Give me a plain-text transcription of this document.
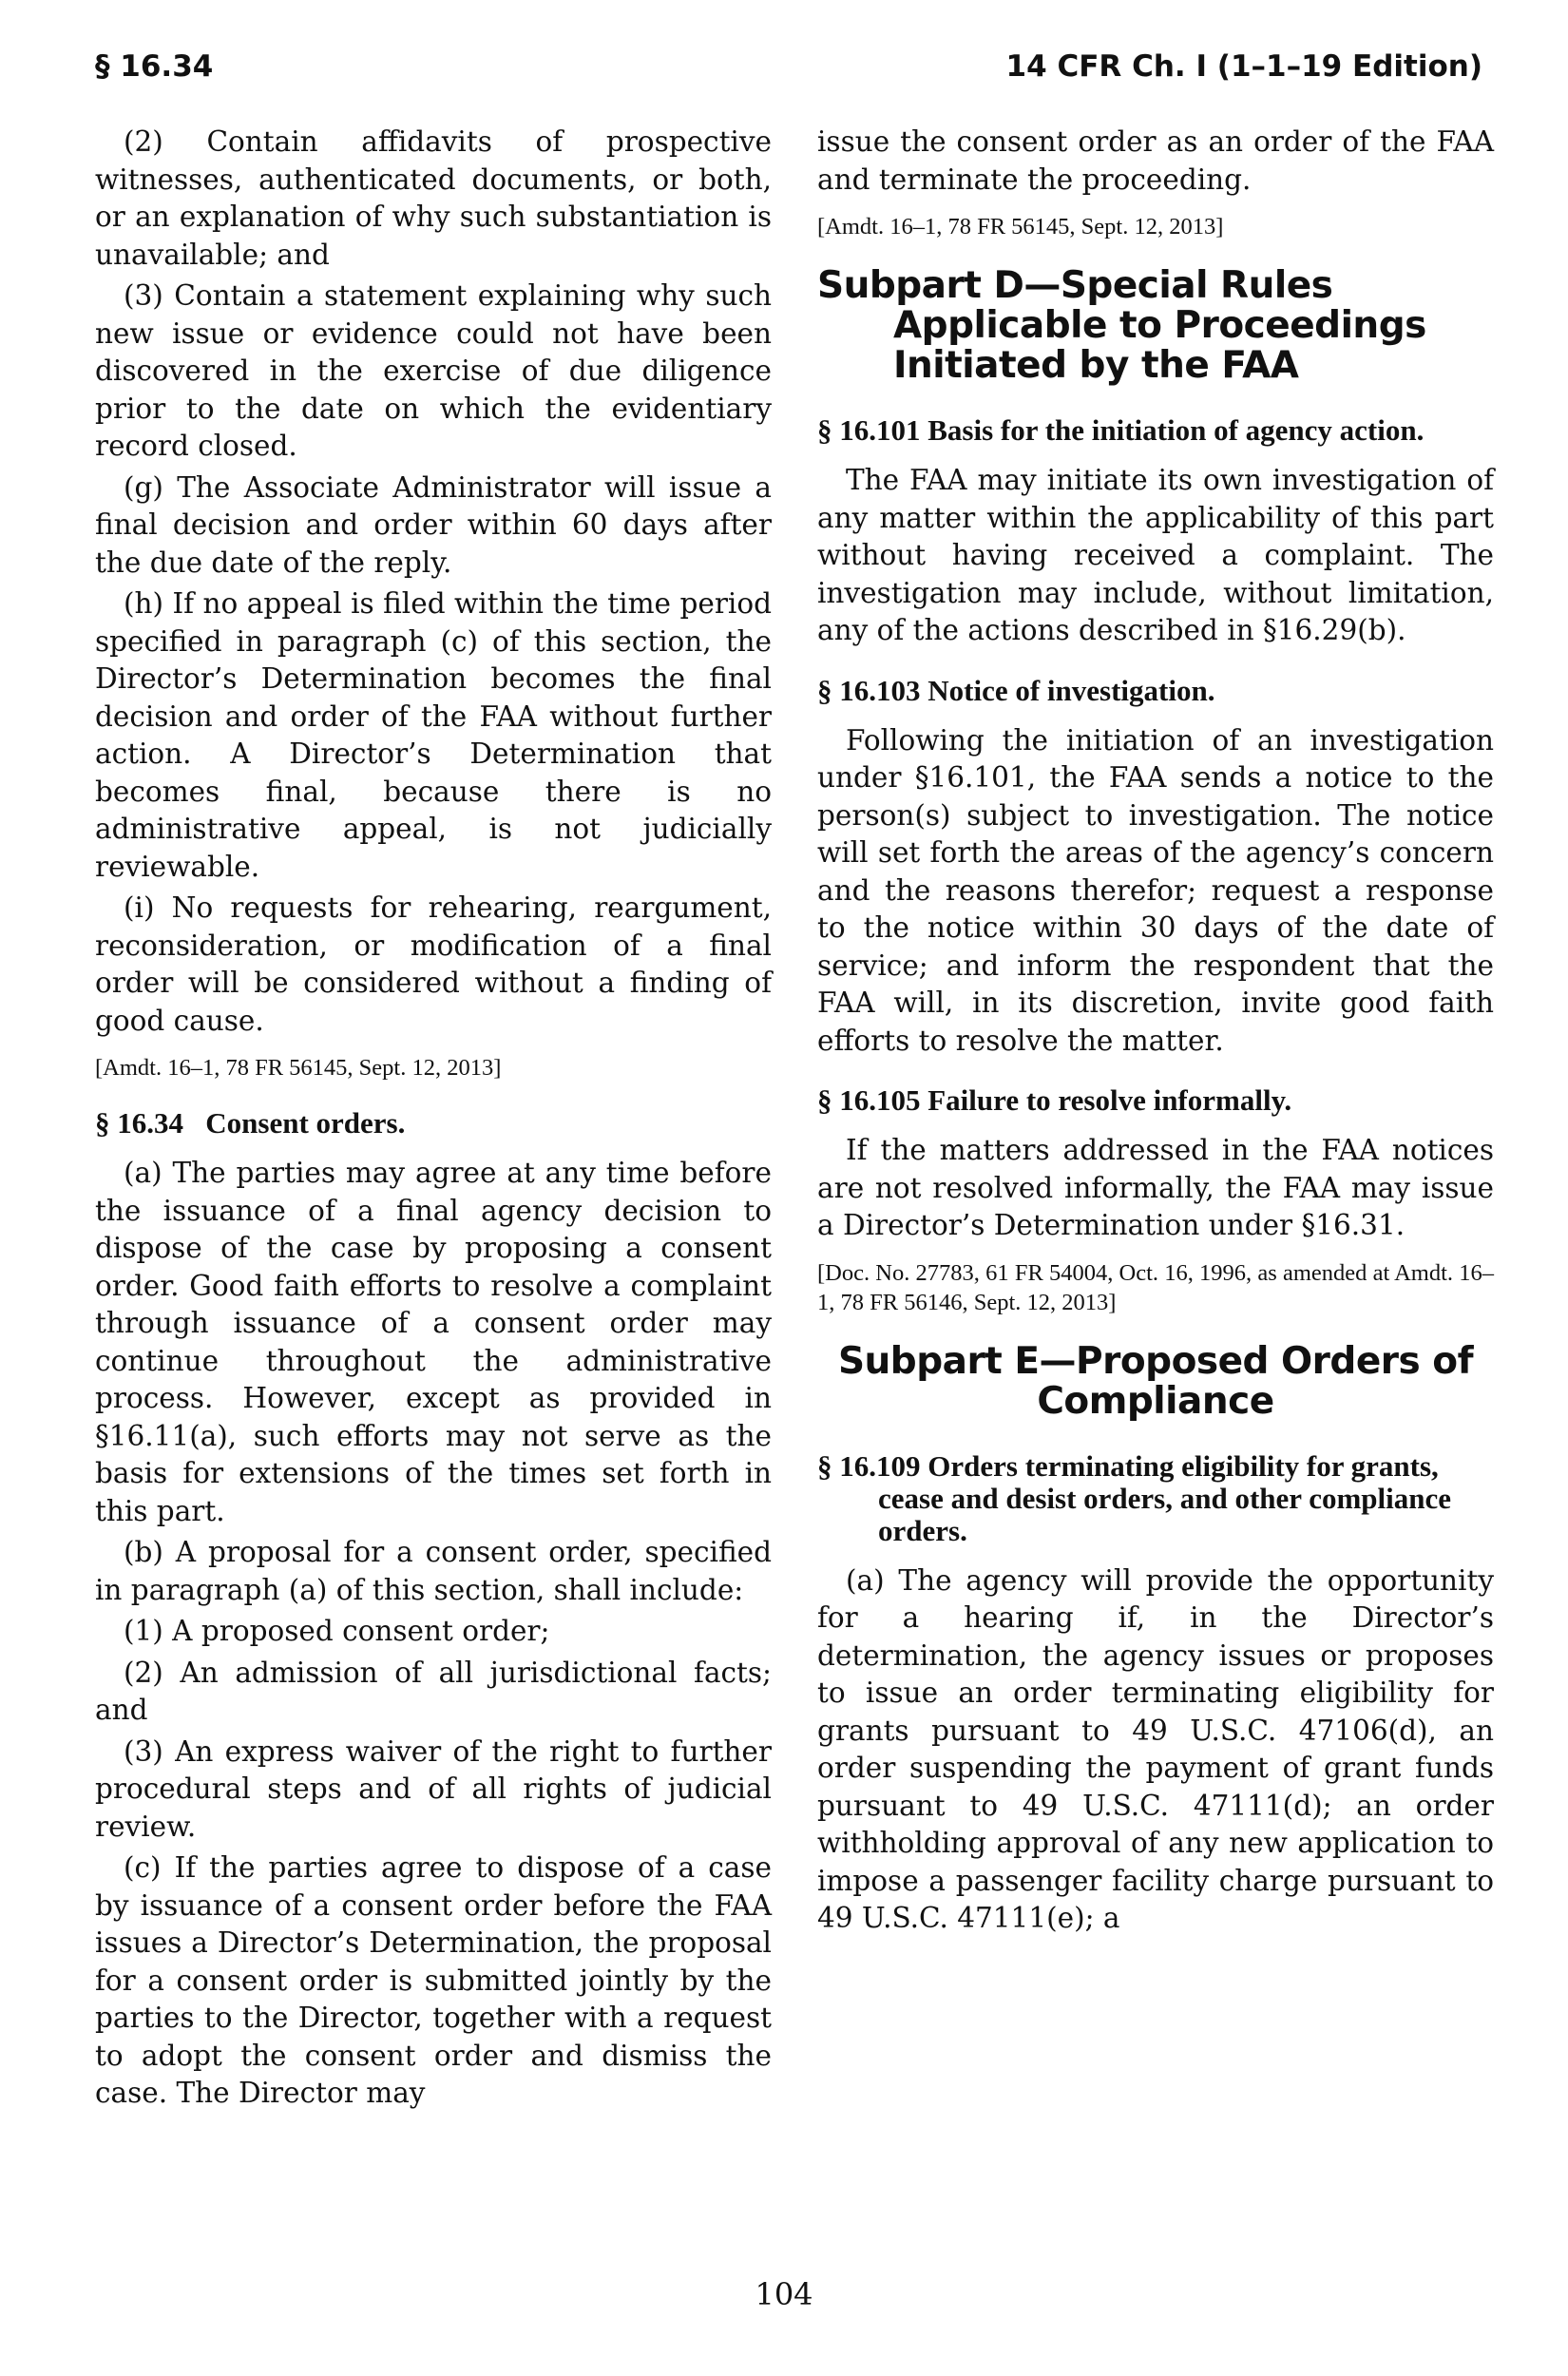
§ 16.34	14 CFR Ch. I (1–1–19 Edition)

(2) Contain affidavits of prospective witnesses, authenticated documents, or both, or an explanation of why such substantiation is unavailable; and

(3) Contain a statement explaining why such new issue or evidence could not have been discovered in the exercise of due diligence prior to the date on which the evidentiary record closed.

(g) The Associate Administrator will issue a final decision and order within 60 days after the due date of the reply.

(h) If no appeal is filed within the time period specified in paragraph (c) of this section, the Director’s Determination becomes the final decision and order of the FAA without further action. A Director’s Determination that becomes final, because there is no administrative appeal, is not judicially reviewable.

(i) No requests for rehearing, reargument, reconsideration, or modification of a final order will be considered without a finding of good cause.

[Amdt. 16–1, 78 FR 56145, Sept. 12, 2013]

§ 16.34   Consent orders.

(a) The parties may agree at any time before the issuance of a final agency decision to dispose of the case by proposing a consent order. Good faith efforts to resolve a complaint through issuance of a consent order may continue throughout the administrative process. However, except as provided in §16.11(a), such efforts may not serve as the basis for extensions of the times set forth in this part.

(b) A proposal for a consent order, specified in paragraph (a) of this section, shall include:

(1) A proposed consent order;

(2) An admission of all jurisdictional facts; and

(3) An express waiver of the right to further procedural steps and of all rights of judicial review.

(c) If the parties agree to dispose of a case by issuance of a consent order before the FAA issues a Director’s Determination, the proposal for a consent order is submitted jointly by the parties to the Director, together with a request to adopt the consent order and dismiss the case. The Director may

issue the consent order as an order of the FAA and terminate the proceeding.

[Amdt. 16–1, 78 FR 56145, Sept. 12, 2013]

Subpart D—Special Rules Applicable to Proceedings Initiated by the FAA

§ 16.101 Basis for the initiation of agency action.

The FAA may initiate its own investigation of any matter within the applicability of this part without having received a complaint. The investigation may include, without limitation, any of the actions described in §16.29(b).

§ 16.103 Notice of investigation.

Following the initiation of an investigation under §16.101, the FAA sends a notice to the person(s) subject to investigation. The notice will set forth the areas of the agency’s concern and the reasons therefor; request a response to the notice within 30 days of the date of service; and inform the respondent that the FAA will, in its discretion, invite good faith efforts to resolve the matter.

§ 16.105 Failure to resolve informally.

If the matters addressed in the FAA notices are not resolved informally, the FAA may issue a Director’s Determination under §16.31.

[Doc. No. 27783, 61 FR 54004, Oct. 16, 1996, as amended at Amdt. 16–1, 78 FR 56146, Sept. 12, 2013]

Subpart E—Proposed Orders of Compliance

§ 16.109 Orders terminating eligibility for grants, cease and desist orders, and other compliance orders.

(a) The agency will provide the opportunity for a hearing if, in the Director’s determination, the agency issues or proposes to issue an order terminating eligibility for grants pursuant to 49 U.S.C. 47106(d), an order suspending the payment of grant funds pursuant to 49 U.S.C. 47111(d); an order withholding approval of any new application to impose a passenger facility charge pursuant to 49 U.S.C. 47111(e); a

104
